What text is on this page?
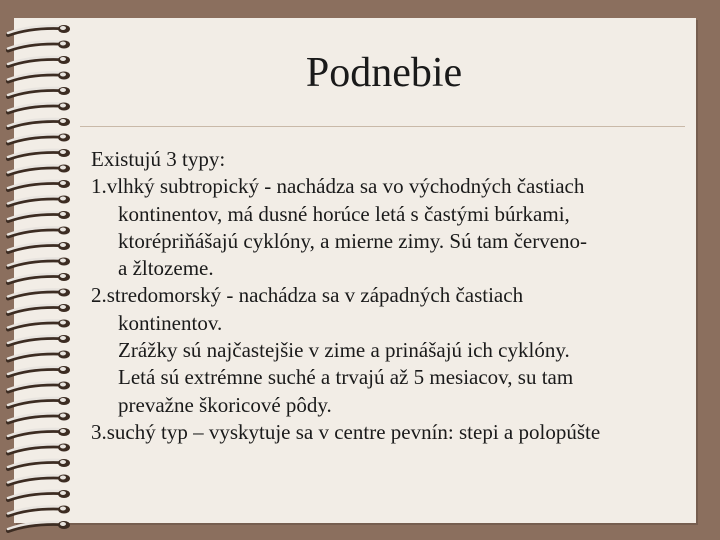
Podnebie
Existujú 3 typy:
1.vlhký subtropický - nachádza sa vo východných častiach
kontinentov, má dusné horúce letá s častými búrkami,
ktorépriňášajú cyklóny, a mierne zimy. Sú tam červeno-
a žltozeme.
2.stredomorský - nachádza sa v západných častiach
kontinentov.
Zrážky sú najčastejšie v zime a prinášajú ich cyklóny.
Letá sú extrémne suché a trvajú až 5 mesiacov, su tam
prevažne škoricové pôdy.
3.suchý typ – vyskytuje sa v centre pevnín: stepi a polopúšte
